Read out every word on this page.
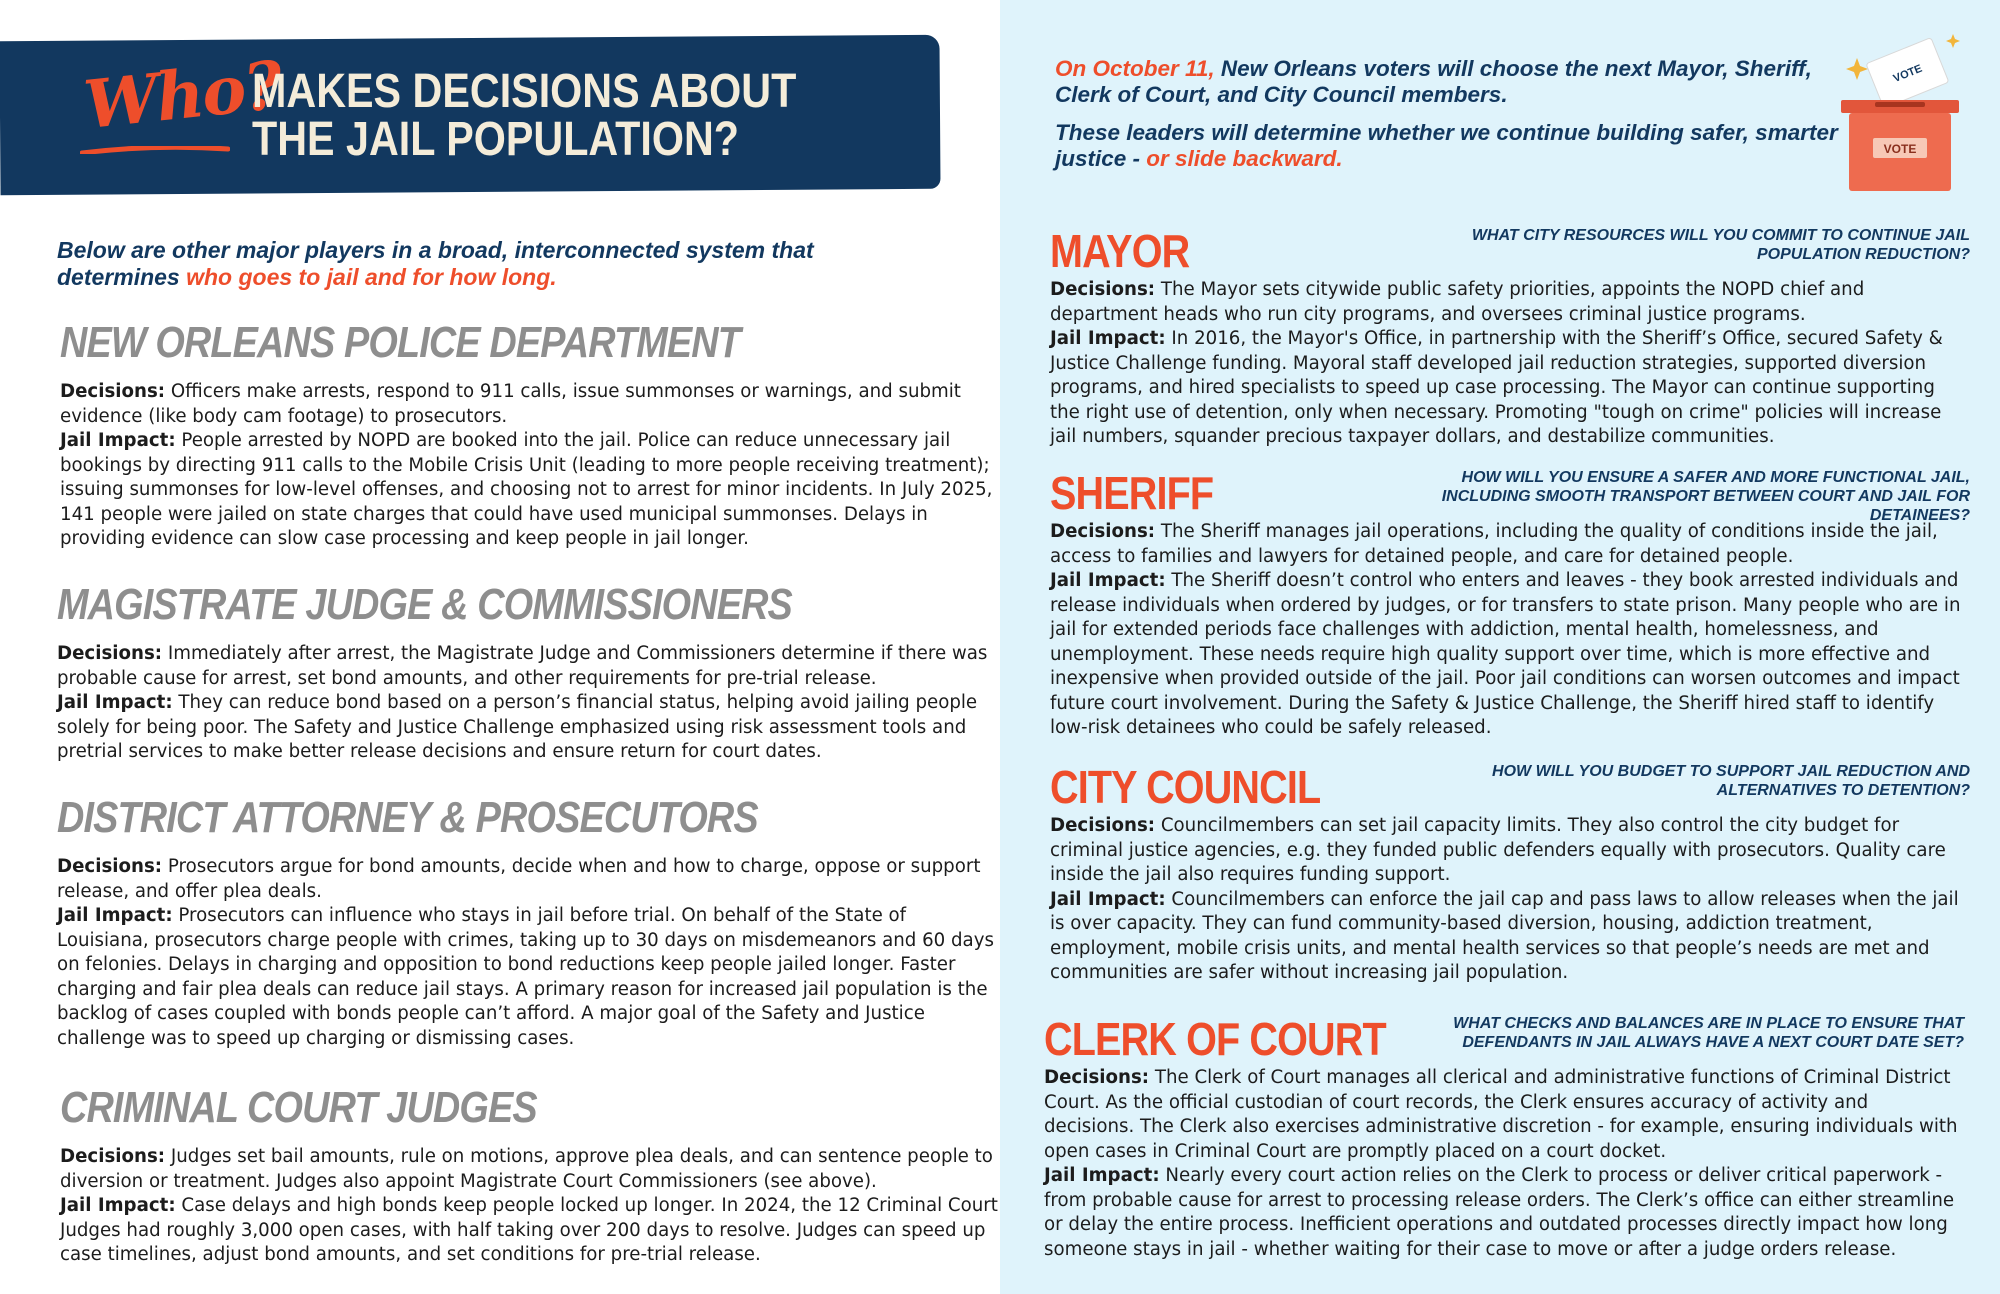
Who?
MAKES DECISIONS ABOUT
THE JAIL POPULATION?
Below are other major players in a broad, interconnected system that determines who goes to jail and for how long.
NEW ORLEANS POLICE DEPARTMENT
Decisions: Officers make arrests, respond to 911 calls, issue summonses or warnings, and submit evidence (like body cam footage) to prosecutors.
Jail Impact: People arrested by NOPD are booked into the jail. Police can reduce unnecessary jail bookings by directing 911 calls to the Mobile Crisis Unit (leading to more people receiving treatment); issuing summonses for low-level offenses, and choosing not to arrest for minor incidents. In July 2025, 141 people were jailed on state charges that could have used municipal summonses. Delays in providing evidence can slow case processing and keep people in jail longer.
MAGISTRATE JUDGE & COMMISSIONERS
Decisions: Immediately after arrest, the Magistrate Judge and Commissioners determine if there was probable cause for arrest, set bond amounts, and other requirements for pre-trial release.
Jail Impact: They can reduce bond based on a person’s financial status, helping avoid jailing people solely for being poor. The Safety and Justice Challenge emphasized using risk assessment tools and pretrial services to make better release decisions and ensure return for court dates.
DISTRICT ATTORNEY & PROSECUTORS
Decisions: Prosecutors argue for bond amounts, decide when and how to charge, oppose or support release, and offer plea deals.
Jail Impact: Prosecutors can influence who stays in jail before trial. On behalf of the State of Louisiana, prosecutors charge people with crimes, taking up to 30 days on misdemeanors and 60 days on felonies. Delays in charging and opposition to bond reductions keep people jailed longer. Faster charging and fair plea deals can reduce jail stays. A primary reason for increased jail population is the backlog of cases coupled with bonds people can’t afford. A major goal of the Safety and Justice challenge was to speed up charging or dismissing cases.
CRIMINAL COURT JUDGES
Decisions: Judges set bail amounts, rule on motions, approve plea deals, and can sentence people to diversion or treatment. Judges also appoint Magistrate Court Commissioners (see above).
Jail Impact: Case delays and high bonds keep people locked up longer. In 2024, the 12 Criminal Court Judges had roughly 3,000 open cases, with half taking over 200 days to resolve. Judges can speed up case timelines, adjust bond amounts, and set conditions for pre-trial release.

On October 11, New Orleans voters will choose the next Mayor, Sheriff, Clerk of Court, and City Council members.

These leaders will determine whether we continue building safer, smarter justice - or slide backward.

VOTE
VOTE
MAYOR	WHAT CITY RESOURCES WILL YOU COMMIT TO CONTINUE JAIL POPULATION REDUCTION?
Decisions: The Mayor sets citywide public safety priorities, appoints the NOPD chief and department heads who run city programs, and oversees criminal justice programs.
Jail Impact: In 2016, the Mayor's Office, in partnership with the Sheriff’s Office, secured Safety & Justice Challenge funding. Mayoral staff developed jail reduction strategies, supported diversion programs, and hired specialists to speed up case processing. The Mayor can continue supporting the right use of detention, only when necessary. Promoting "tough on crime" policies will increase jail numbers, squander precious taxpayer dollars, and destabilize communities.
SHERIFF	HOW WILL YOU ENSURE A SAFER AND MORE FUNCTIONAL JAIL, INCLUDING SMOOTH TRANSPORT BETWEEN COURT AND JAIL FOR DETAINEES?
Decisions: The Sheriff manages jail operations, including the quality of conditions inside the jail, access to families and lawyers for detained people, and care for detained people.
Jail Impact: The Sheriff doesn’t control who enters and leaves - they book arrested individuals and release individuals when ordered by judges, or for transfers to state prison. Many people who are in jail for extended periods face challenges with addiction, mental health, homelessness, and unemployment. These needs require high quality support over time, which is more effective and inexpensive when provided outside of the jail. Poor jail conditions can worsen outcomes and impact future court involvement. During the Safety & Justice Challenge, the Sheriff hired staff to identify low-risk detainees who could be safely released.
CITY COUNCIL	HOW WILL YOU BUDGET TO SUPPORT JAIL REDUCTION AND ALTERNATIVES TO DETENTION?
Decisions: Councilmembers can set jail capacity limits. They also control the city budget for criminal justice agencies, e.g. they funded public defenders equally with prosecutors. Quality care inside the jail also requires funding support.
Jail Impact: Councilmembers can enforce the jail cap and pass laws to allow releases when the jail is over capacity. They can fund community-based diversion, housing, addiction treatment, employment, mobile crisis units, and mental health services so that people’s needs are met and communities are safer without increasing jail population.
CLERK OF COURT	WHAT CHECKS AND BALANCES ARE IN PLACE TO ENSURE THAT DEFENDANTS IN JAIL ALWAYS HAVE A NEXT COURT DATE SET?
Decisions: The Clerk of Court manages all clerical and administrative functions of Criminal District Court. As the official custodian of court records, the Clerk ensures accuracy of activity and decisions. The Clerk also exercises administrative discretion - for example, ensuring individuals with open cases in Criminal Court are promptly placed on a court docket.
Jail Impact: Nearly every court action relies on the Clerk to process or deliver critical paperwork - from probable cause for arrest to processing release orders. The Clerk’s office can either streamline or delay the entire process. Inefficient operations and outdated processes directly impact how long someone stays in jail - whether waiting for their case to move or after a judge orders release.
